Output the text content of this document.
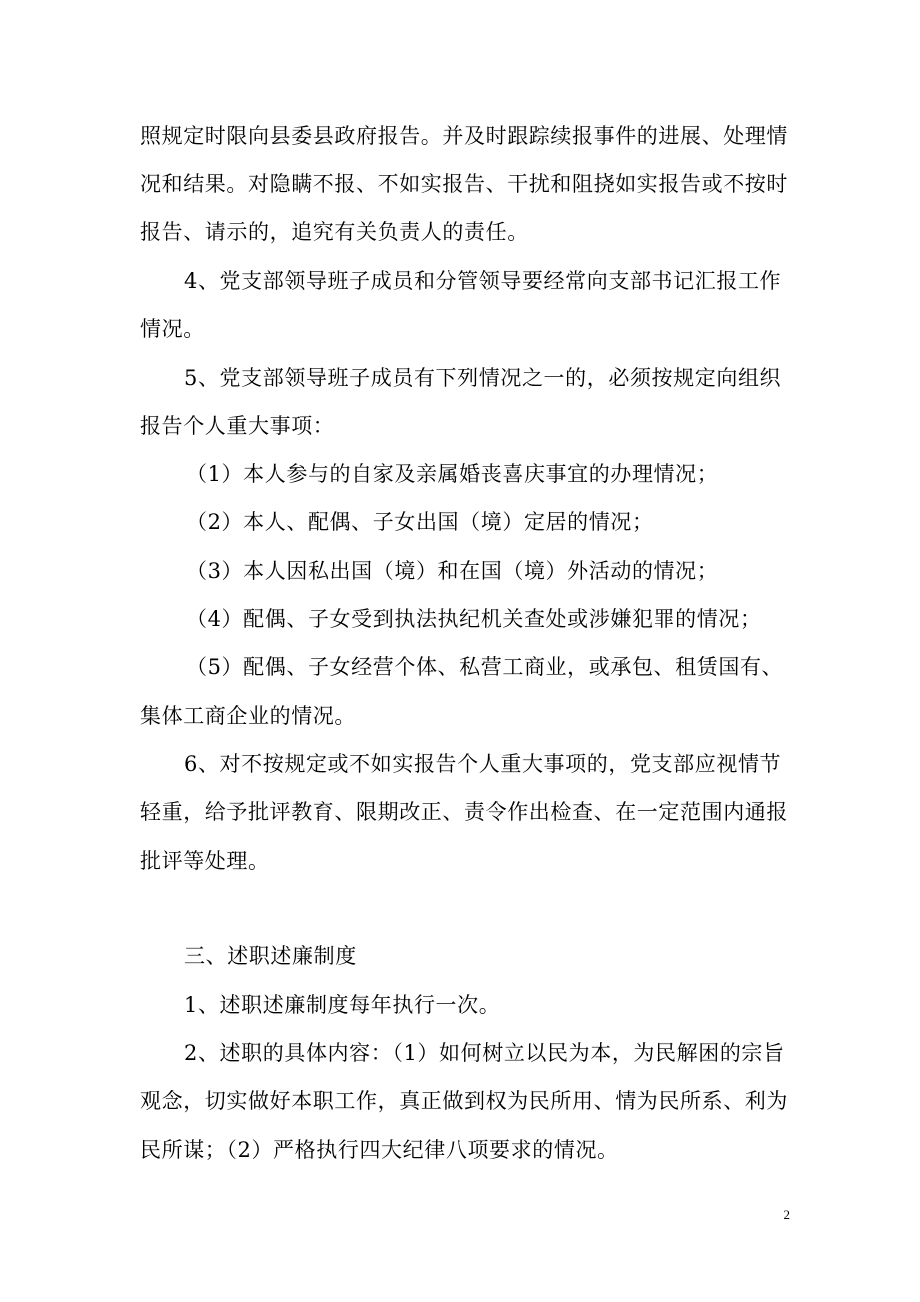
照规定时限向县委县政府报告。并及时跟踪续报事件的进展、处理情
况和结果。对隐瞒不报、不如实报告、干扰和阻挠如实报告或不按时
报告、请示的，追究有关负责人的责任。
4、党支部领导班子成员和分管领导要经常向支部书记汇报工作
情况。
5、党支部领导班子成员有下列情况之一的，必须按规定向组织
报告个人重大事项：
（1）本人参与的自家及亲属婚丧喜庆事宜的办理情况；
（2）本人、配偶、子女出国（境）定居的情况；
（3）本人因私出国（境）和在国（境）外活动的情况；
（4）配偶、子女受到执法执纪机关查处或涉嫌犯罪的情况；
（5）配偶、子女经营个体、私营工商业，或承包、租赁国有、
集体工商企业的情况。
6、对不按规定或不如实报告个人重大事项的，党支部应视情节
轻重，给予批评教育、限期改正、责令作出检查、在一定范围内通报
批评等处理。
三、述职述廉制度
1、述职述廉制度每年执行一次。
2、述职的具体内容：（1）如何树立以民为本，为民解困的宗旨
观念，切实做好本职工作，真正做到权为民所用、情为民所系、利为
民所谋；（2）严格执行四大纪律八项要求的情况。
2
